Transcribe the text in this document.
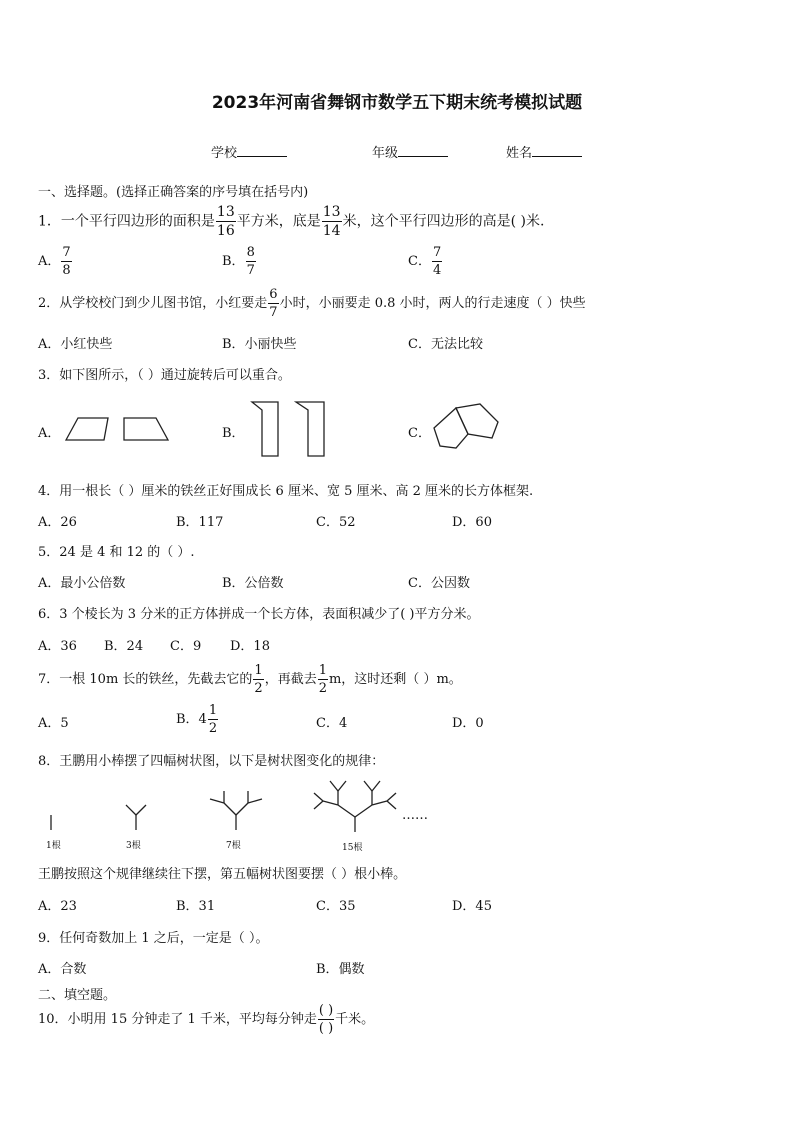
2023年河南省舞钢市数学五下期末统考模拟试题
学校	年级	姓名
一、选择题。(选择正确答案的序号填在括号内)
1．一个平行四边形的面积是 $\frac{13}{16}$ 平方米，底是 $\frac{13}{14}$ 米，这个平行四边形的高是( )米.
A． $\frac{7}{8}$	B． $\frac{8}{7}$	C． $\frac{7}{4}$
2．从学校校门到少儿图书馆，小红要走 $\frac{6}{7}$ 小时，小丽要走 0.8 小时，两人的行走速度（ ）快些
A．小红快些	B．小丽快些	C．无法比较
3．如下图所示，（ ）通过旋转后可以重合。
A．	B．	C．
4．用一根长（ ）厘米的铁丝正好围成长 6 厘米、宽 5 厘米、高 2 厘米的长方体框架.
A．26	B．117	C．52	D．60
5．24 是 4 和 12 的（ ）.
A．最小公倍数	B．公倍数	C．公因数
6．3 个棱长为 3 分米的正方体拼成一个长方体，表面积减少了( )平方分米。
A．36 B．24 C．9 D．18
7．一根 10m 长的铁丝，先截去它的 $\frac{1}{2}$ ，再截去 $\frac{1}{2}$ m，这时还剩（ ）m。
A．5	B．$4 \frac{1}{2}$	C．4	D．0
8．王鹏用小棒摆了四幅树状图，以下是树状图变化的规律：
1根	3根	7根	15根
……
王鹏按照这个规律继续往下摆，第五幅树状图要摆（ ）根小棒。
A．23	B．31	C．35	D．45
9．任何奇数加上 1 之后，一定是（ ）。
A．合数	B．偶数
二、填空题。
10．小明用 15 分钟走了 1 千米，平均每分钟走 $\frac{( )}{( )}$ 千米。
